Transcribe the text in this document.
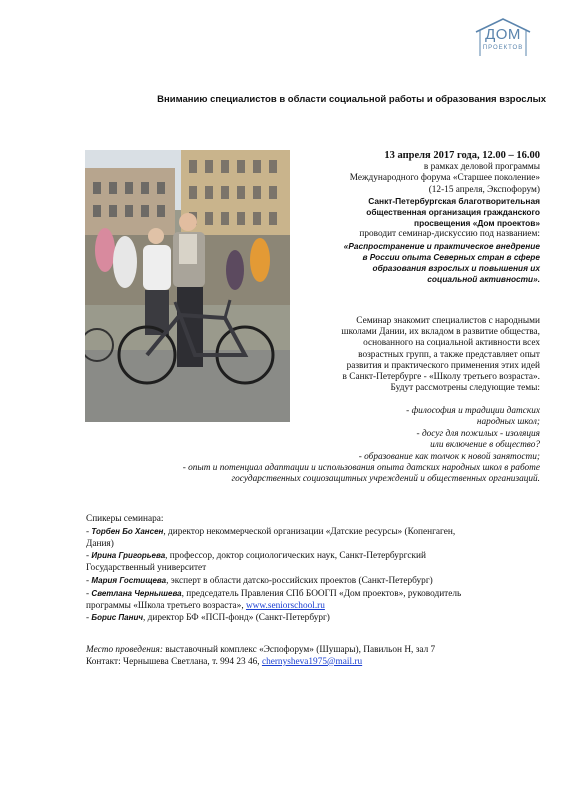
ДОМ
ПРОЕКТОВ
Вниманию специалистов в области социальной работы и образования взрослых
13 апреля 2017 года, 12.00 – 16.00
в рамках деловой программы
Международного форума «Старшее поколение»
(12-15 апреля, Экспофорум)
Санкт-Петербургская благотворительная
общественная организация гражданского
просвещения «Дом проектов»
проводит семинар-дискуссию под названием:
«Распространение и практическое внедрение
в России опыта Северных стран в сфере
образования взрослых и повышения их
социальной активности».
Семинар знакомит специалистов с народными
школами Дании, их вкладом в развитие общества,
основанного на социальной активности всех
возрастных групп, а также представляет опыт
развития и практического применения этих идей
в Санкт-Петербурге - «Школу третьего возраста».
Будут рассмотрены следующие темы:
- философия и традиции датских
народных школ;
- досуг для пожилых - изоляция
или включение в общество?
- образование как толчок к новой занятости;
- опыт и потенциал адаптации и использования опыта датских народных школ в работе
государственных социозащитных учреждений и общественных организаций.
Спикеры семинара:
- Торбен Бо Хансен, директор некоммерческой организации «Датские ресурсы» (Копенгаген,
Дания)
- Ирина Григорьева, профессор, доктор социологических наук, Санкт-Петербургский
Государственный университет
- Мария Гостищева, эксперт в области датско-российских проектов (Санкт-Петербург)
- Светлана Чернышева, председатель Правления СПб БООГП «Дом проектов», руководитель
программы «Школа третьего возраста», www.seniorschool.ru
- Борис Панич, директор БФ «ПСП-фонд» (Санкт-Петербург)
Место проведения: выставочный комплекс «Эспофорум» (Шушары), Павильон Н, зал 7
Контакт: Чернышева Светлана, т. 994 23 46, chernysheva1975@mail.ru
